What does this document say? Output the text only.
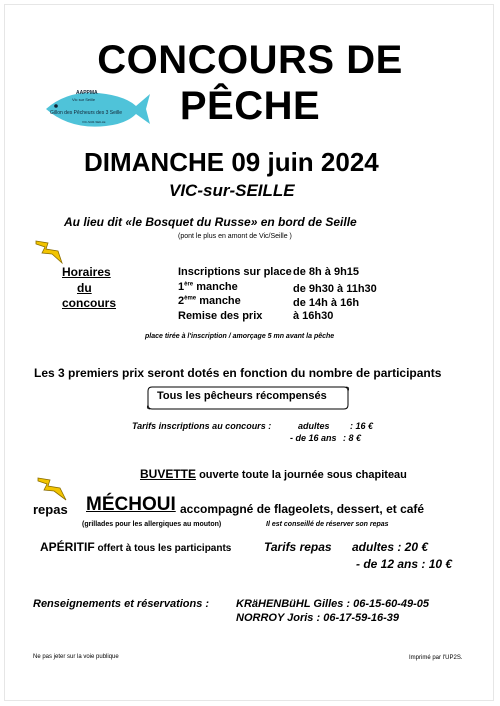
CONCOURS DE
PÊCHE
AAPPMA
Vic sur Seille
Gillon des Pêcheurs des 3 Seille
VIC-SUR-SEILLE
DIMANCHE 09 juin 2024
VIC-sur-SEILLE
Au lieu dit «le Bosquet du Russe» en bord de Seille
(pont le plus en amont de Vic/Seille )
Horaires
du
concours
Inscriptions sur place de 8h à 9h15
1ère manche	de 9h30 à 11h30
2ème manche	de 14h à 16h
Remise des prix	à 16h30
place tirée à l'inscription / amorçage 5 mn avant la pêche
Les 3 premiers prix seront dotés en fonction du nombre de participants
Tous les pêcheurs récompensés
Tarifs inscriptions au concours :	adultes : 16 €
- de 16 ans : 8 €
BUVETTE ouverte toute la journée sous chapiteau
repas MÉCHOUI accompagné de flageolets, dessert, et café
(grillades pour les allergiques au mouton)	Il est conseillé de réserver son repas
APÉRITIF offert à tous les participants	Tarifs repas adultes : 20 €
- de 12 ans : 10 €
Renseignements et réservations : KRäHENBüHL Gilles : 06-15-60-49-05
NORROY Joris : 06-17-59-16-39
Ne pas jeter sur la voie publique	Imprimé par l'UP2S.
